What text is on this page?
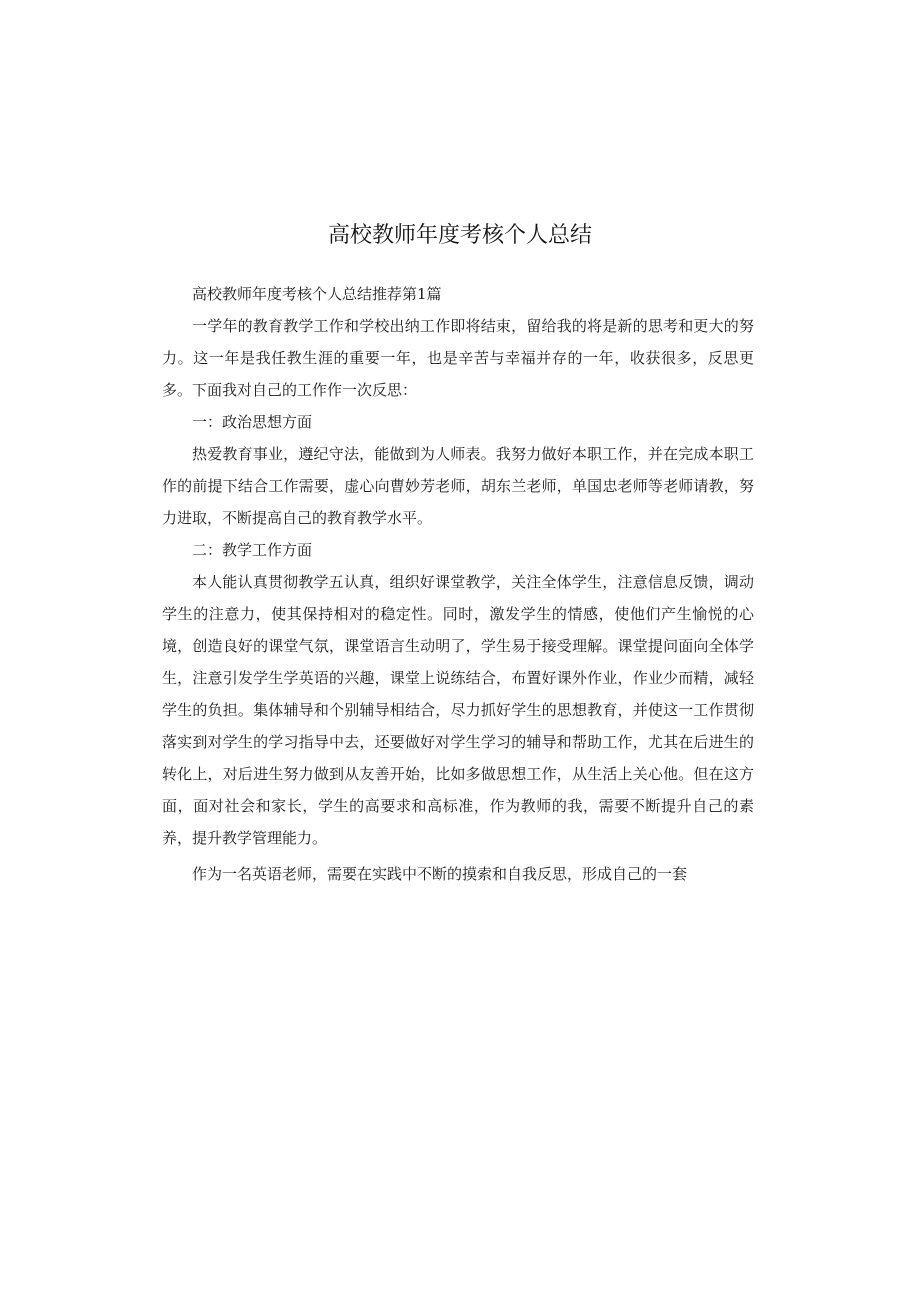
高校教师年度考核个人总结

高校教师年度考核个人总结推荐第1篇

一学年的教育教学工作和学校出纳工作即将结束，留给我的将是新的思考和更大的努力。这一年是我任教生涯的重要一年，也是辛苦与幸福并存的一年，收获很多，反思更多。下面我对自己的工作作一次反思：

一：政治思想方面

热爱教育事业，遵纪守法，能做到为人师表。我努力做好本职工作，并在完成本职工作的前提下结合工作需要，虚心向曹妙芳老师，胡东兰老师，单国忠老师等老师请教，努力进取，不断提高自己的教育教学水平。

二：教学工作方面

本人能认真贯彻教学五认真，组织好课堂教学，关注全体学生，注意信息反馈，调动学生的注意力，使其保持相对的稳定性。同时，激发学生的情感，使他们产生愉悦的心境，创造良好的课堂气氛，课堂语言生动明了，学生易于接受理解。课堂提问面向全体学生，注意引发学生学英语的兴趣，课堂上说练结合，布置好课外作业，作业少而精，减轻学生的负担。集体辅导和个别辅导相结合，尽力抓好学生的思想教育，并使这一工作贯彻落实到对学生的学习指导中去，还要做好对学生学习的辅导和帮助工作，尤其在后进生的转化上，对后进生努力做到从友善开始，比如多做思想工作，从生活上关心他。但在这方面，面对社会和家长，学生的高要求和高标准，作为教师的我，需要不断提升自己的素养，提升教学管理能力。

作为一名英语老师，需要在实践中不断的摸索和自我反思，形成自己的一套
